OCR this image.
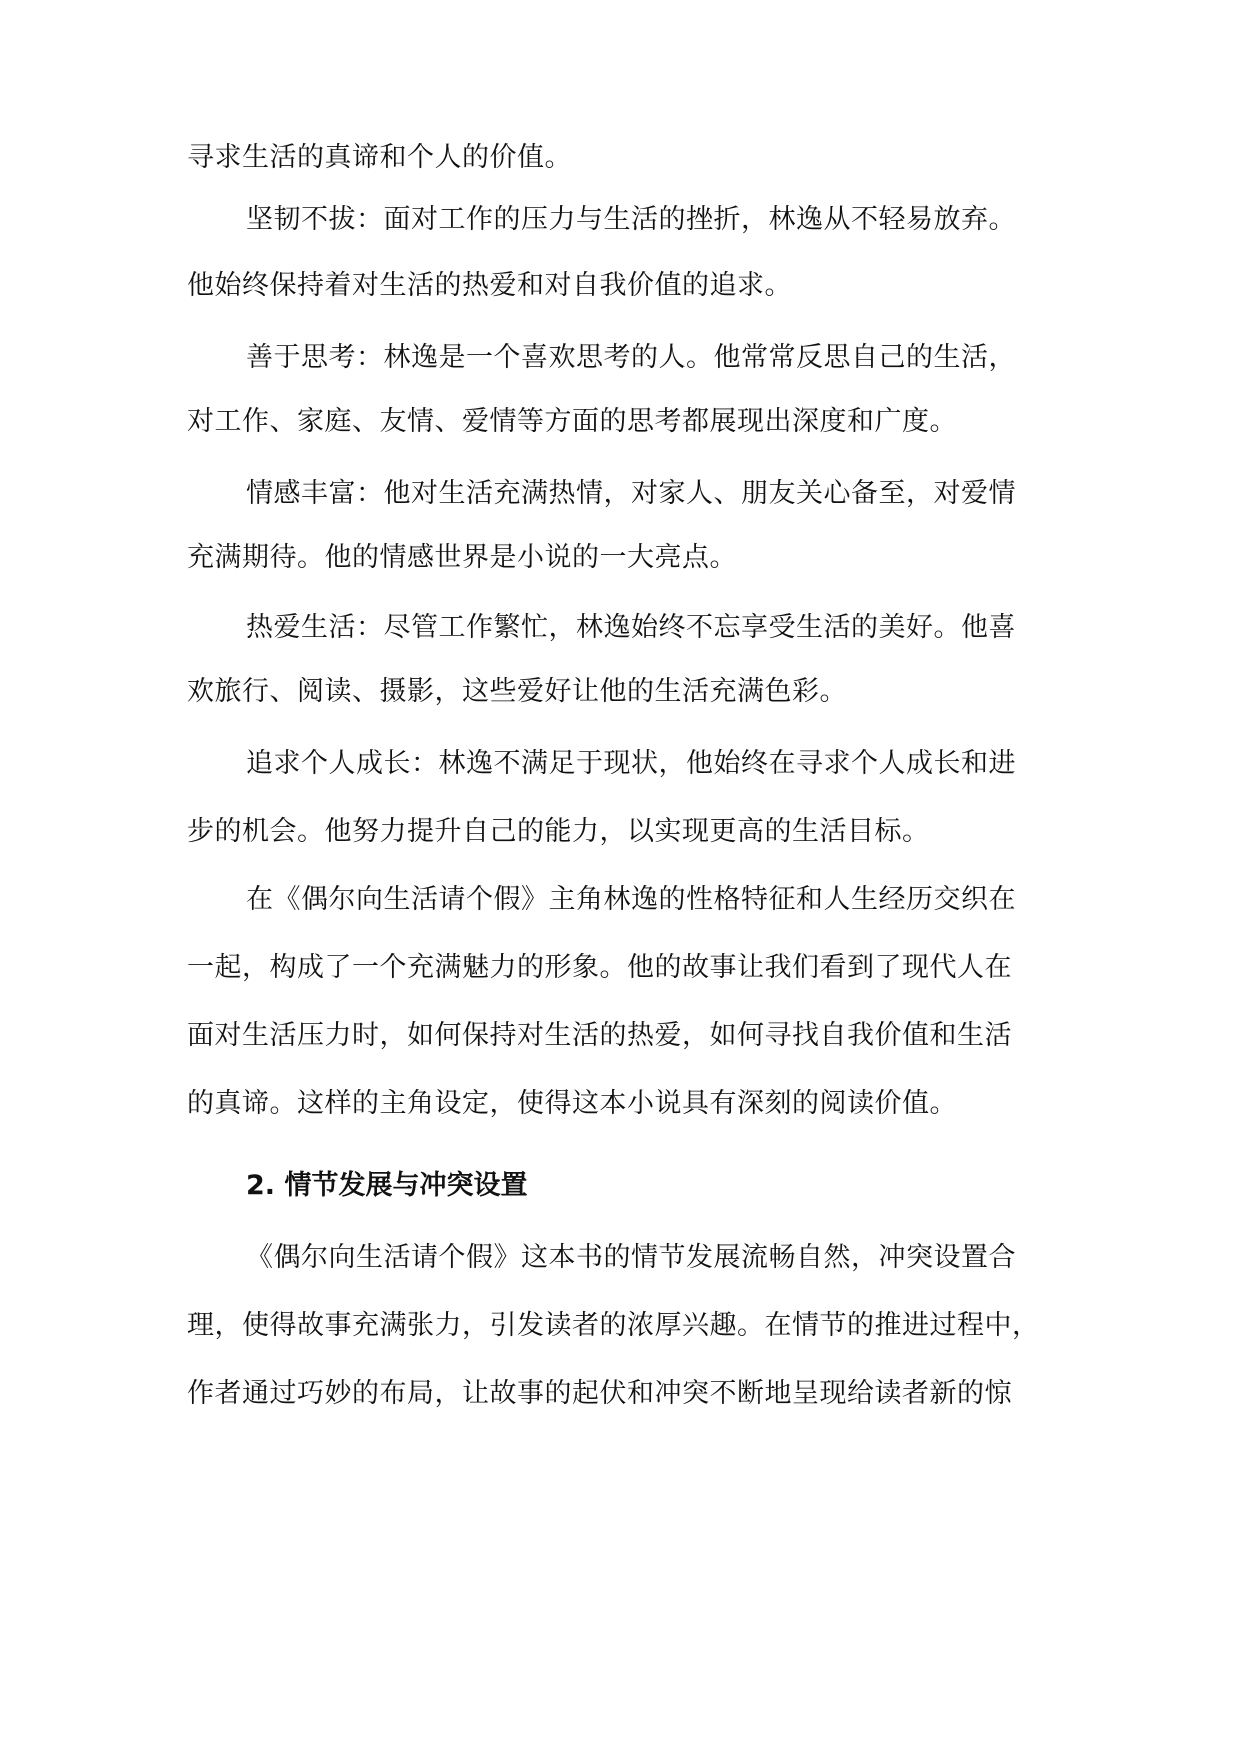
寻求生活的真谛和个人的价值。
坚韧不拔：面对工作的压力与生活的挫折，林逸从不轻易放弃。
他始终保持着对生活的热爱和对自我价值的追求。
善于思考：林逸是一个喜欢思考的人。他常常反思自己的生活，
对工作、家庭、友情、爱情等方面的思考都展现出深度和广度。
情感丰富：他对生活充满热情，对家人、朋友关心备至，对爱情
充满期待。他的情感世界是小说的一大亮点。
热爱生活：尽管工作繁忙，林逸始终不忘享受生活的美好。他喜
欢旅行、阅读、摄影，这些爱好让他的生活充满色彩。
追求个人成长：林逸不满足于现状，他始终在寻求个人成长和进
步的机会。他努力提升自己的能力，以实现更高的生活目标。
在《偶尔向生活请个假》主角林逸的性格特征和人生经历交织在
一起，构成了一个充满魅力的形象。他的故事让我们看到了现代人在
面对生活压力时，如何保持对生活的热爱，如何寻找自我价值和生活
的真谛。这样的主角设定，使得这本小说具有深刻的阅读价值。
2. 情节发展与冲突设置
《偶尔向生活请个假》这本书的情节发展流畅自然，冲突设置合
理，使得故事充满张力，引发读者的浓厚兴趣。在情节的推进过程中，
作者通过巧妙的布局，让故事的起伏和冲突不断地呈现给读者新的惊
